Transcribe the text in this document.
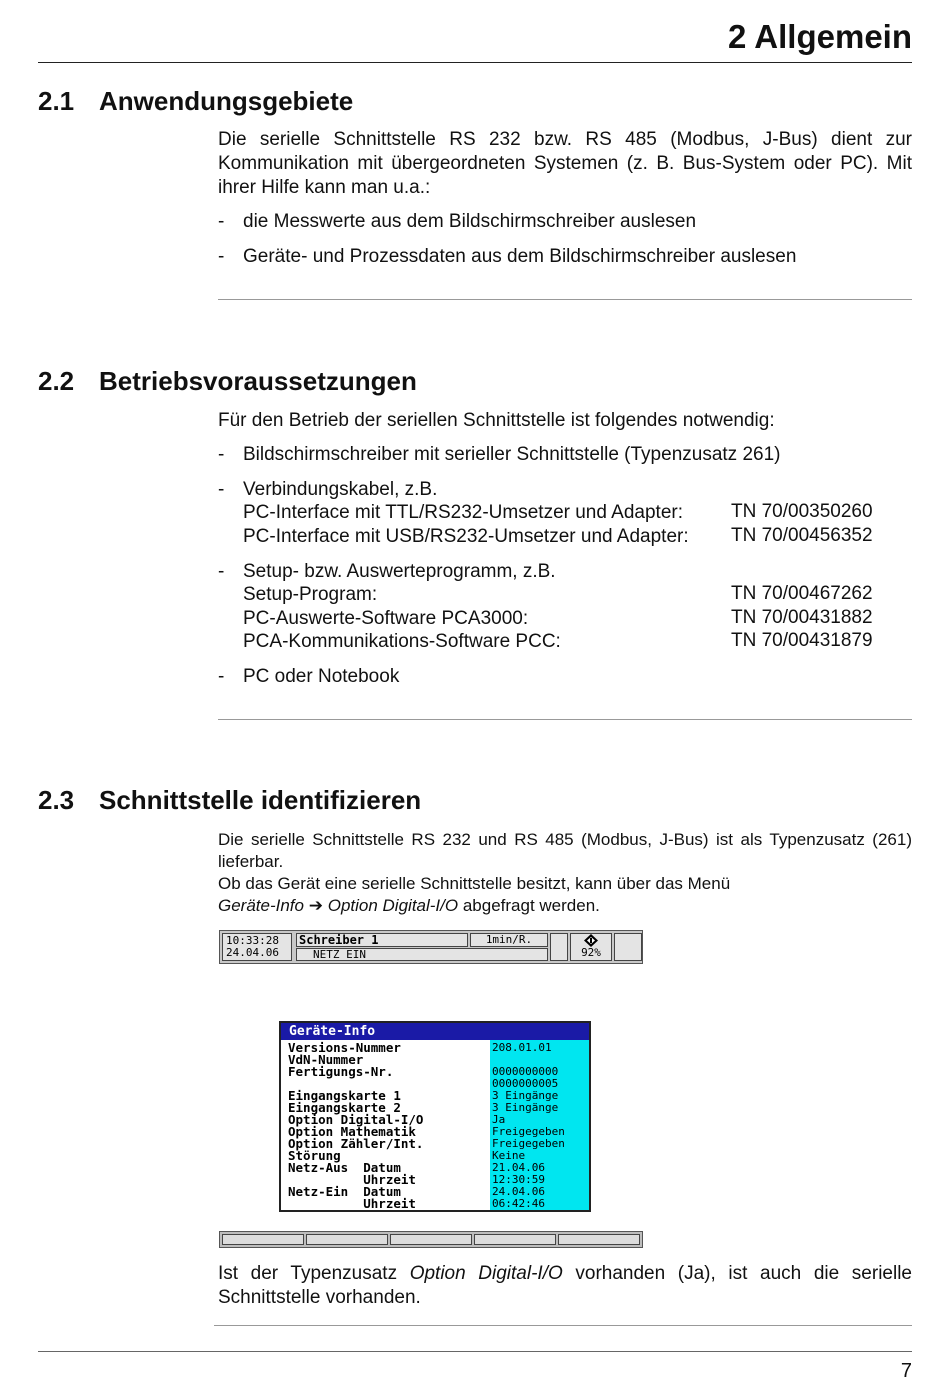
2 Allgemein
2.1 Anwendungsgebiete
Die serielle Schnittstelle RS 232 bzw. RS 485 (Modbus, J-Bus) dient zur Kommunikation mit übergeordneten Systemen (z. B. Bus-System oder PC). Mit ihrer Hilfe kann man u.a.:
- die Messwerte aus dem Bildschirmschreiber auslesen
- Geräte- und Prozessdaten aus dem Bildschirmschreiber auslesen
2.2 Betriebsvoraussetzungen
Für den Betrieb der seriellen Schnittstelle ist folgendes notwendig:
- Bildschirmschreiber mit serieller Schnittstelle (Typenzusatz 261)
- Verbindungskabel, z.B.
PC-Interface mit TTL/RS232-Umsetzer und Adapter:	TN 70/00350260
PC-Interface mit USB/RS232-Umsetzer und Adapter: TN 70/00456352
- Setup- bzw. Auswerteprogramm, z.B.
Setup-Program:	TN 70/00467262
PC-Auswerte-Software PCA3000:	TN 70/00431882
PCA-Kommunikations-Software PCC:	TN 70/00431879
- PC oder Notebook
2.3 Schnittstelle identifizieren
Die serielle Schnittstelle RS 232 und RS 485 (Modbus, J-Bus) ist als Typenzusatz (261) lieferbar.
Ob das Gerät eine serielle Schnittstelle besitzt, kann über das Menü
Geräte-Info ➔ Option Digital-I/O abgefragt werden.
10:33:28
24.04.06
Schreiber 1	1min/R.
NETZ EIN	92%
Geräte-Info
Versions-Nummer	208.01.01
VdN-Nummer
Fertigungs-Nr.	0000000000
0000000005
Eingangskarte 1	3 Eingänge
Eingangskarte 2	3 Eingänge
Option Digital-I/O	Ja
Option Mathematik	Freigegeben
Option Zähler/Int.	Freigegeben
Störung	Keine
Netz-Aus  Datum	21.04.06
Uhrzeit	12:30:59
Netz-Ein  Datum	24.04.06
Uhrzeit	06:42:46
Ist der Typenzusatz Option Digital-I/O vorhanden (Ja), ist auch die serielle Schnittstelle vorhanden.
7
